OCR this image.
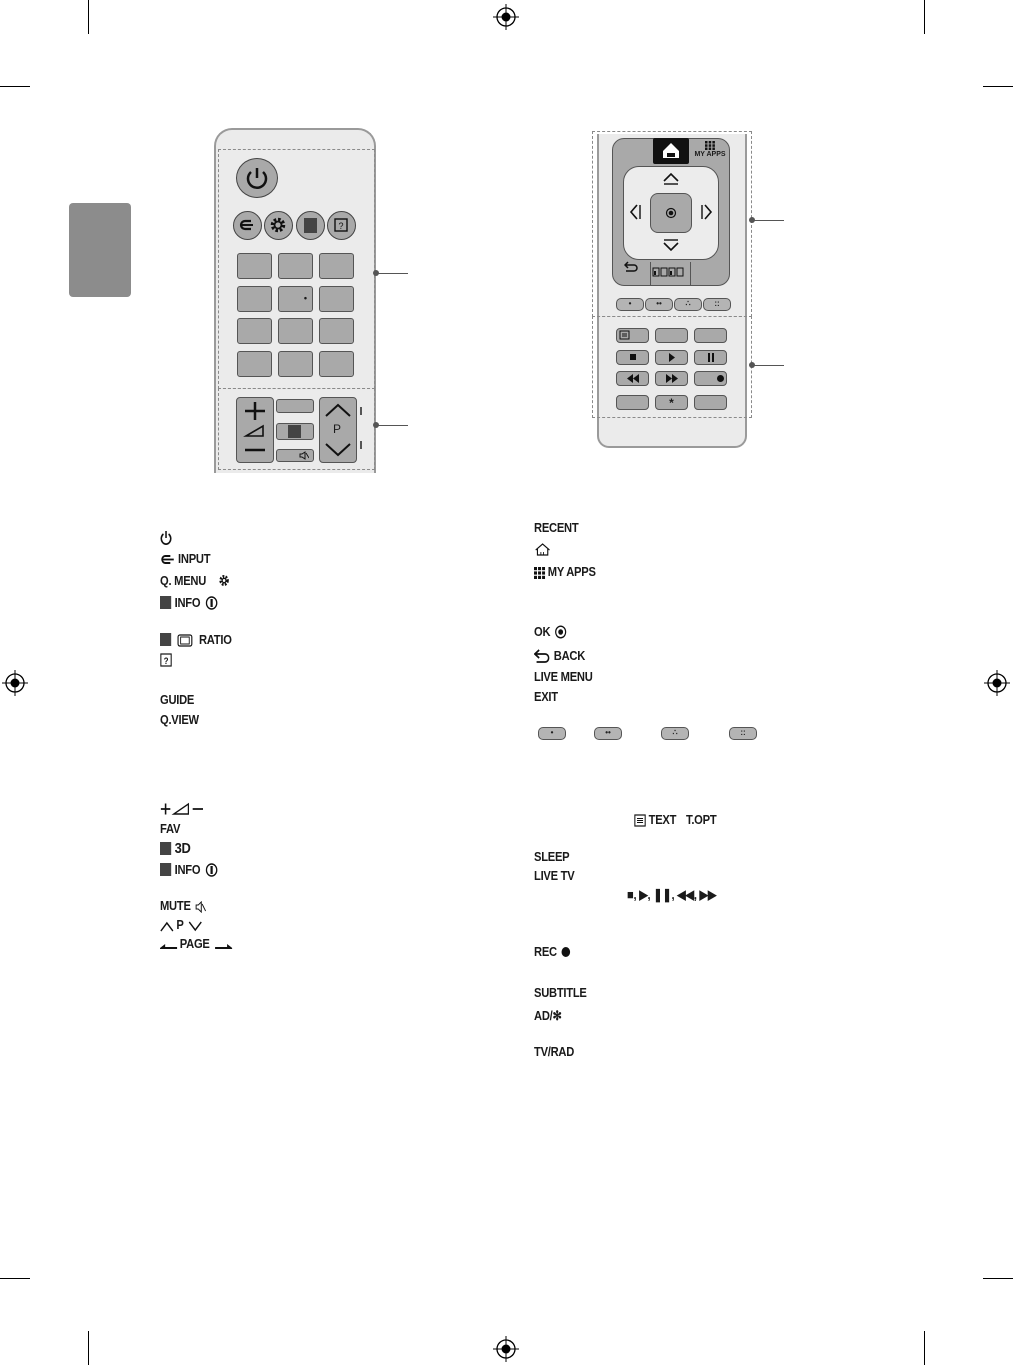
?
•
P
MY APPS
•	••	∴	::
*
INPUT
Q. MENU
INFO
RATIO
?
GUIDE
Q.VIEW
FAV
3D
INFO
MUTE
P
PAGE
RECENT
MY APPS
OK
BACK
LIVE MENU
EXIT
•	••	∴	::
TEXT T.OPT
SLEEP
LIVE TV
■, ▶, ❚❚, ◀◀, ▶▶
REC
SUBTITLE
AD/✻
TV/RAD
